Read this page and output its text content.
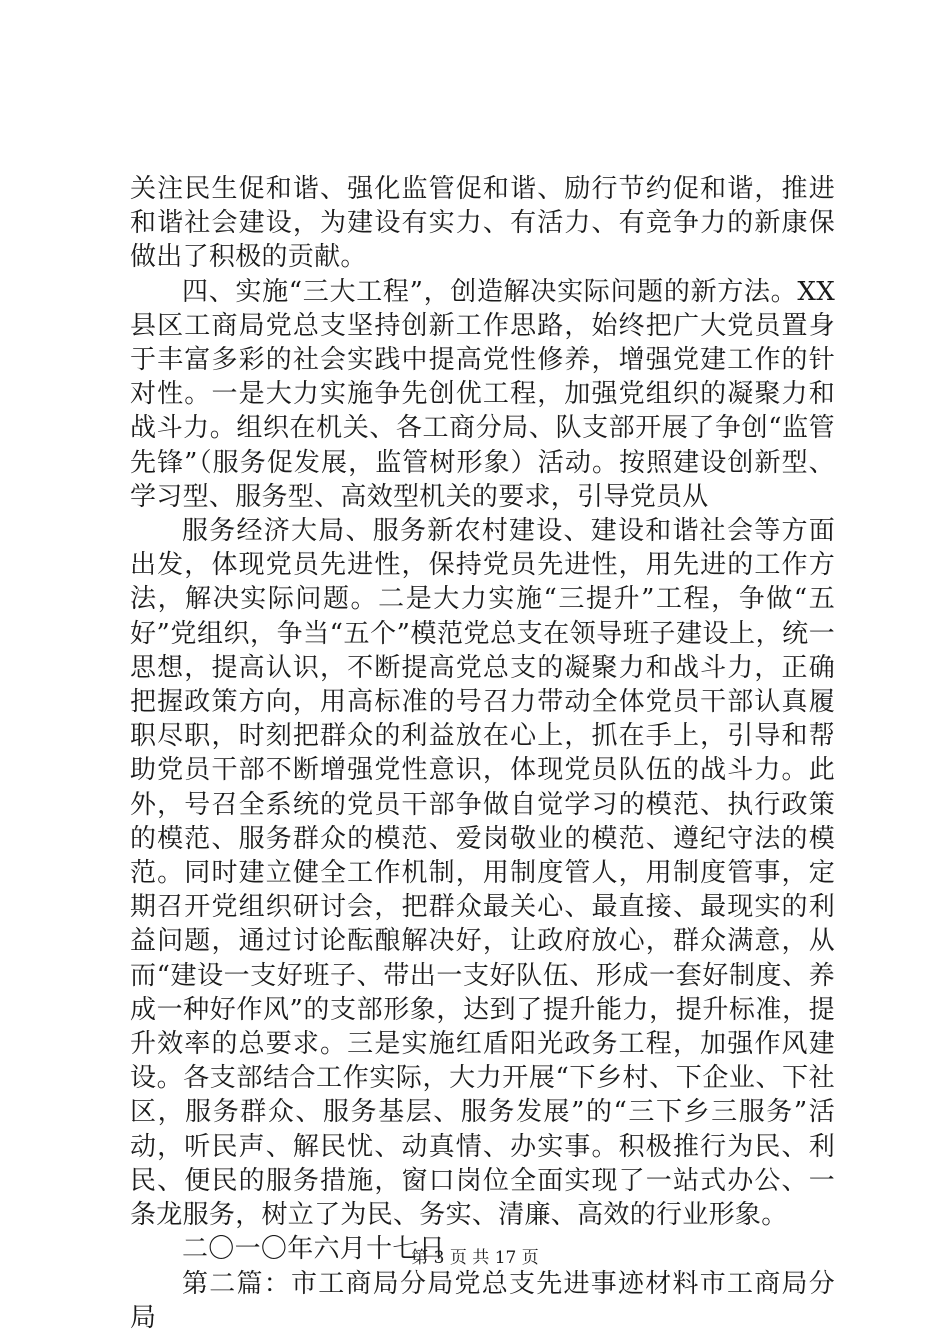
关注民生促和谐、强化监管促和谐、励行节约促和谐，推进和谐社会建设，为建设有实力、有活力、有竞争力的新康保做出了积极的贡献。

四、实施“三大工程”，创造解决实际问题的新方法。XX县区工商局党总支坚持创新工作思路，始终把广大党员置身于丰富多彩的社会实践中提高党性修养，增强党建工作的针对性。一是大力实施争先创优工程，加强党组织的凝聚力和战斗力。组织在机关、各工商分局、队支部开展了争创“监管先锋”（服务促发展，监管树形象）活动。按照建设创新型、学习型、服务型、高效型机关的要求，引导党员从

服务经济大局、服务新农村建设、建设和谐社会等方面出发，体现党员先进性，保持党员先进性，用先进的工作方法，解决实际问题。二是大力实施“三提升”工程，争做“五好”党组织，争当“五个”模范党总支在领导班子建设上，统一思想，提高认识，不断提高党总支的凝聚力和战斗力，正确把握政策方向，用高标准的号召力带动全体党员干部认真履职尽职，时刻把群众的利益放在心上，抓在手上，引导和帮助党员干部不断增强党性意识，体现党员队伍的战斗力。此外，号召全系统的党员干部争做自觉学习的模范、执行政策的模范、服务群众的模范、爱岗敬业的模范、遵纪守法的模范。同时建立健全工作机制，用制度管人，用制度管事，定期召开党组织研讨会，把群众最关心、最直接、最现实的利益问题，通过讨论酝酿解决好，让政府放心，群众满意，从而“建设一支好班子、带出一支好队伍、形成一套好制度、养成一种好作风”的支部形象，达到了提升能力，提升标准，提升效率的总要求。三是实施红盾阳光政务工程，加强作风建设。各支部结合工作实际，大力开展“下乡村、下企业、下社区，服务群众、服务基层、服务发展”的“三下乡三服务”活动，听民声、解民忧、动真情、办实事。积极推行为民、利民、便民的服务措施，窗口岗位全面实现了一站式办公、一条龙服务，树立了为民、务实、清廉、高效的行业形象。

二〇一〇年六月十七日

第二篇：市工商局分局党总支先进事迹材料市工商局分局

第 3 页 共 17 页
